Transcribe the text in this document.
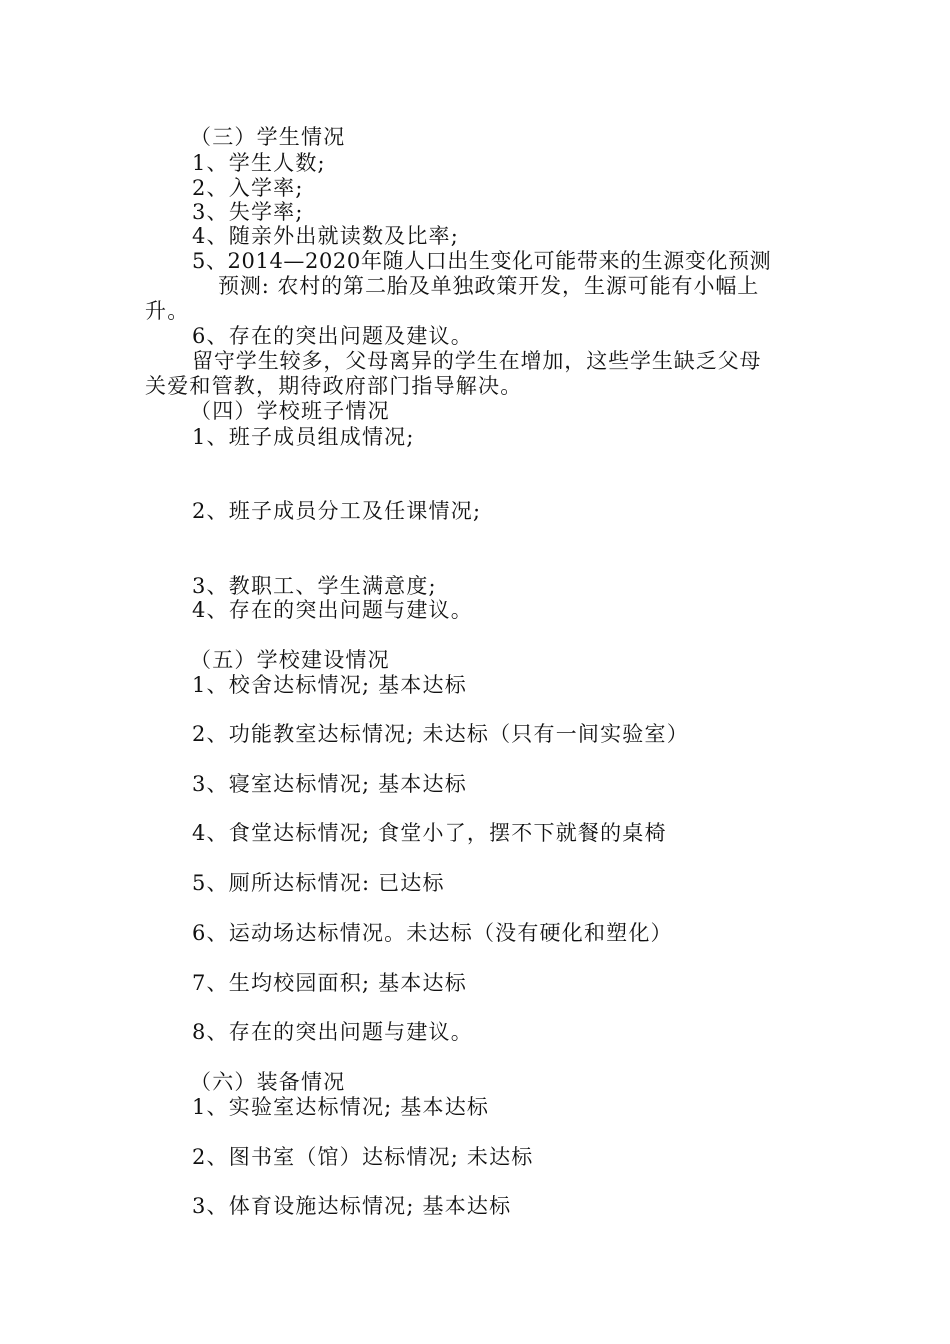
（三）学生情况
1、学生人数;
2、入学率;
3、失学率;
4、随亲外出就读数及比率;
5、2014—2020年随人口出生变化可能带来的生源变化预测
预测: 农村的第二胎及单独政策开发，生源可能有小幅上
升。
6、存在的突出问题及建议。
留守学生较多，父母离异的学生在增加，这些学生缺乏父母
关爱和管教，期待政府部门指导解决。
（四）学校班子情况
1、班子成员组成情况;
2、班子成员分工及任课情况;
3、教职工、学生满意度;
4、存在的突出问题与建议。
（五）学校建设情况
1、校舍达标情况; 基本达标
2、功能教室达标情况; 未达标（只有一间实验室）
3、寝室达标情况; 基本达标
4、食堂达标情况; 食堂小了，摆不下就餐的桌椅
5、厕所达标情况: 已达标
6、运动场达标情况。未达标（没有硬化和塑化）
7、生均校园面积; 基本达标
8、存在的突出问题与建议。
（六）装备情况
1、实验室达标情况; 基本达标
2、图书室（馆）达标情况; 未达标
3、体育设施达标情况; 基本达标
